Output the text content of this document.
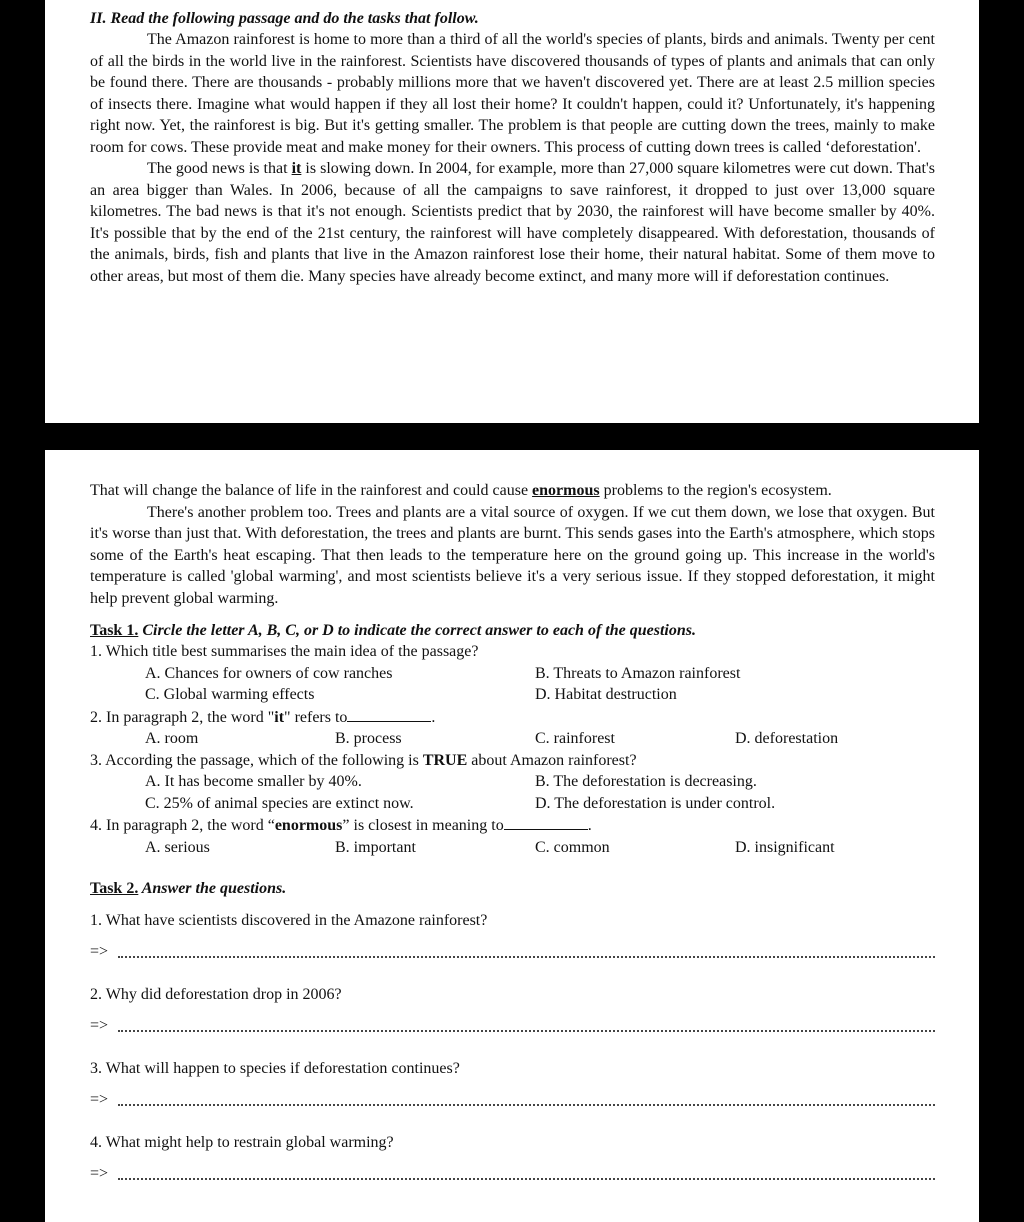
II. Read the following passage and do the tasks that follow.

The Amazon rainforest is home to more than a third of all the world's species of plants, birds and animals. Twenty per cent of all the birds in the world live in the rainforest. Scientists have discovered thousands of types of plants and animals that can only be found there. There are thousands - probably millions more that we haven't discovered yet. There are at least 2.5 million species of insects there. Imagine what would happen if they all lost their home? It couldn't happen, could it? Unfortunately, it's happening right now. Yet, the rainforest is big. But it's getting smaller. The problem is that people are cutting down the trees, mainly to make room for cows. These provide meat and make money for their owners. This process of cutting down trees is called ‘deforestation'.

The good news is that it is slowing down. In 2004, for example, more than 27,000 square kilometres were cut down. That's an area bigger than Wales. In 2006, because of all the campaigns to save rainforest, it dropped to just over 13,000 square kilometres. The bad news is that it's not enough. Scientists predict that by 2030, the rainforest will have become smaller by 40%. It's possible that by the end of the 21st century, the rainforest will have completely disappeared. With deforestation, thousands of the animals, birds, fish and plants that live in the Amazon rainforest lose their home, their natural habitat. Some of them move to other areas, but most of them die. Many species have already become extinct, and many more will if deforestation continues.

That will change the balance of life in the rainforest and could cause enormous problems to the region's ecosystem.

There's another problem too. Trees and plants are a vital source of oxygen. If we cut them down, we lose that oxygen. But it's worse than just that. With deforestation, the trees and plants are burnt. This sends gases into the Earth's atmosphere, which stops some of the Earth's heat escaping. That then leads to the temperature here on the ground going up. This increase in the world's temperature is called 'global warming', and most scientists believe it's a very serious issue. If they stopped deforestation, it might help prevent global warming.

Task 1. Circle the letter A, B, C, or D to indicate the correct answer to each of the questions.

1. Which title best summarises the main idea of the passage?

A. Chances for owners of cow ranches	B. Threats to Amazon rainforest
C. Global warming effects	D. Habitat destruction

2. In paragraph 2, the word "it" refers to	.

A. room	B. process	C. rainforest	D. deforestation

3. According the passage, which of the following is TRUE about Amazon rainforest?

A. It has become smaller by 40%.	B. The deforestation is decreasing.
C. 25% of animal species are extinct now.	D. The deforestation is under control.

4. In paragraph 2, the word “enormous” is closest in meaning to	.

A. serious	B. important	C. common	D. insignificant

Task 2. Answer the questions.

1. What have scientists discovered in the Amazone rainforest?

=>

2. Why did deforestation drop in 2006?

=>

3. What will happen to species if deforestation continues?

=>

4. What might help to restrain global warming?

=>
